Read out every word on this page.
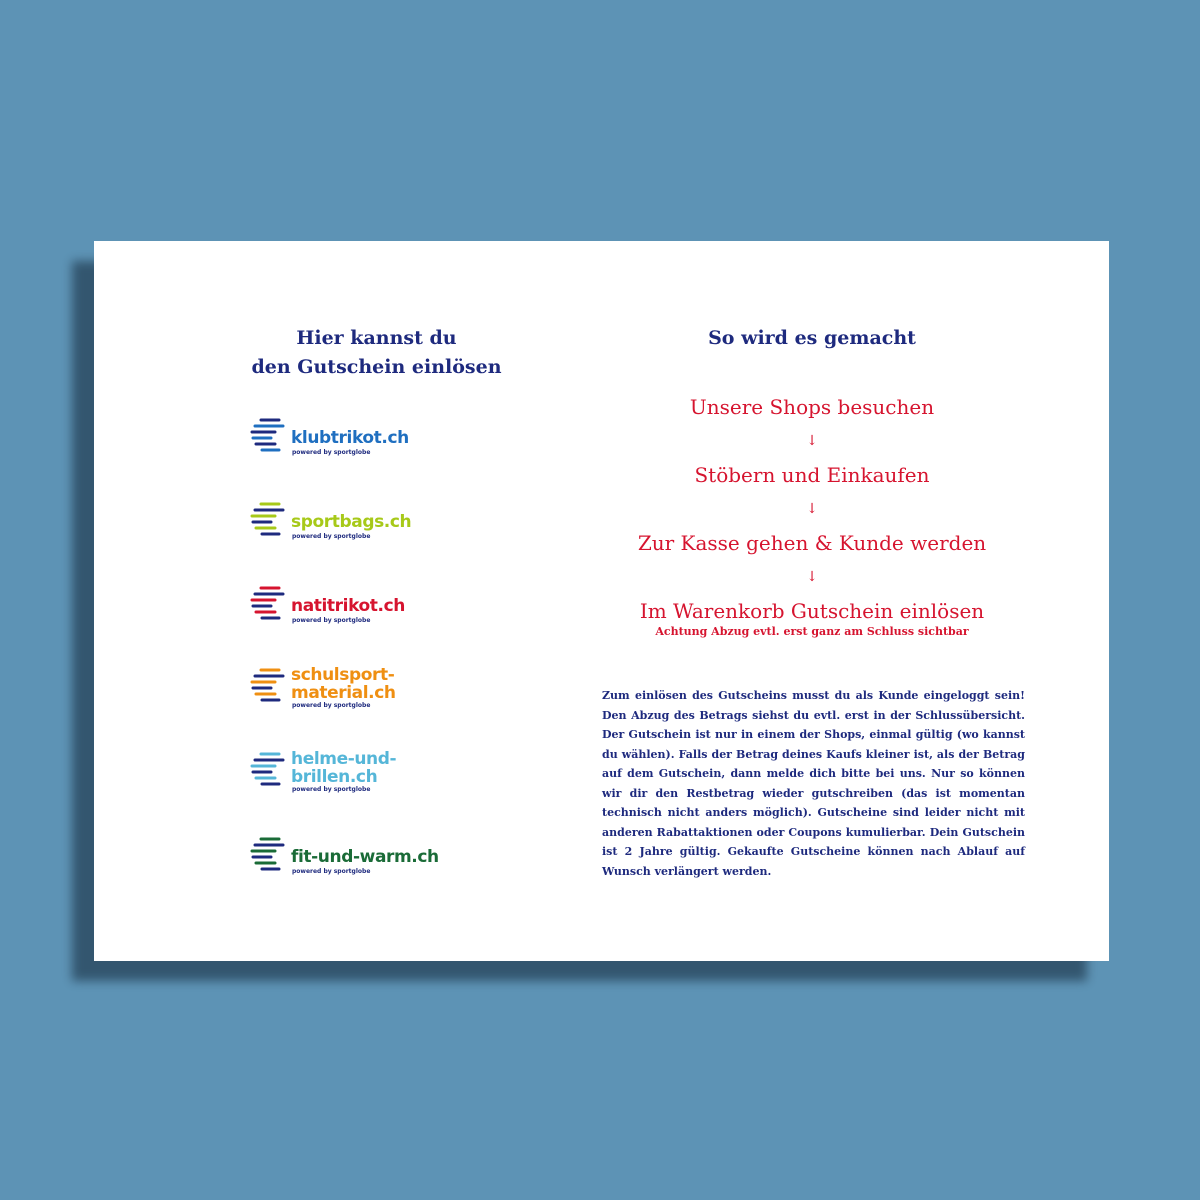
Hier kannst du
den Gutschein einlösen
klubtrikot.ch
powered by sportglobe
sportbags.ch
powered by sportglobe
natitrikot.ch
powered by sportglobe
schulsport-
material.ch
powered by sportglobe
helme-und-
brillen.ch
powered by sportglobe
fit-und-warm.ch
powered by sportglobe
So wird es gemacht
Unsere Shops besuchen
↓
Stöbern und Einkaufen
↓
Zur Kasse gehen & Kunde werden
↓
Im Warenkorb Gutschein einlösen
Achtung Abzug evtl. erst ganz am Schluss sichtbar
Zum einlösen des Gutscheins musst du als Kunde eingeloggt sein! Den Abzug des Betrags siehst du evtl. erst in der Schlussübersicht. Der Gutschein ist nur in einem der Shops, einmal gültig (wo kannst du wählen). Falls der Betrag deines Kaufs kleiner ist, als der Betrag auf dem Gutschein, dann melde dich bitte bei uns. Nur so können wir dir den Restbetrag wieder gutschreiben (das ist momentan technisch nicht anders möglich). Gutscheine sind leider nicht mit anderen Rabattaktionen oder Coupons kumulierbar. Dein Gutschein ist 2 Jahre gültig. Gekaufte Gutscheine können nach Ablauf auf Wunsch verlängert werden.
